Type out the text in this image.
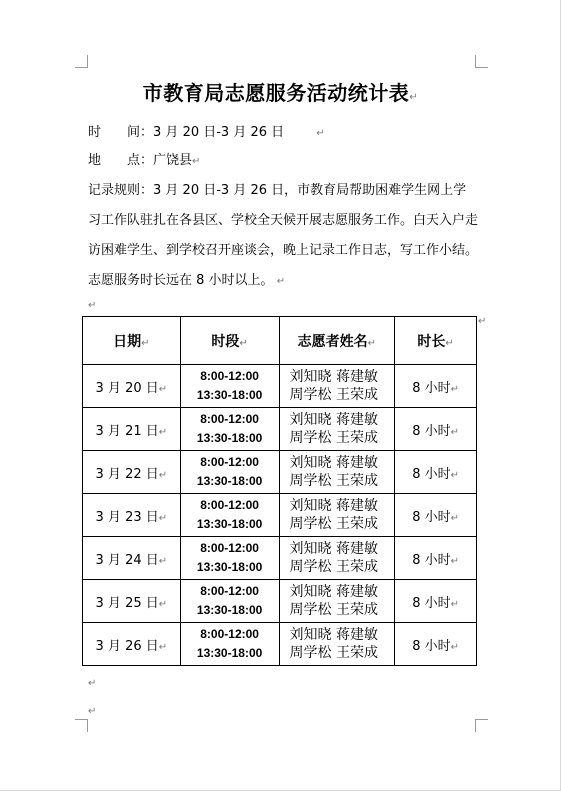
市教育局志愿服务活动统计表↵
时 间：3 月 20 日-3 月 26 日	↵
地 点：广饶县↵
记录规则：3 月 20 日-3 月 26 日，市教育局帮助困难学生网上学习工作队驻扎在各县区、学校全天候开展志愿服务工作。白天入户走访困难学生、到学校召开座谈会，晚上记录工作日志，写工作小结。志愿服务时长远在 8 小时以上。 ↵
↵
日期↵	时段↵	志愿者姓名↵	时长↵
3 月 20 日↵	8:00-12:00
13:30-18:00	刘知晓 蒋建敏
周学松 王荣成	8 小时↵
3 月 21 日↵	8:00-12:00
13:30-18:00	刘知晓 蒋建敏
周学松 王荣成	8 小时↵
3 月 22 日↵	8:00-12:00
13:30-18:00	刘知晓 蒋建敏
周学松 王荣成	8 小时↵
3 月 23 日↵	8:00-12:00
13:30-18:00	刘知晓 蒋建敏
周学松 王荣成	8 小时↵
3 月 24 日↵	8:00-12:00
13:30-18:00	刘知晓 蒋建敏
周学松 王荣成	8 小时↵
3 月 25 日↵	8:00-12:00
13:30-18:00	刘知晓 蒋建敏
周学松 王荣成	8 小时↵
3 月 26 日↵	8:00-12:00
13:30-18:00	刘知晓 蒋建敏
周学松 王荣成	8 小时↵
↵
↵
↵
